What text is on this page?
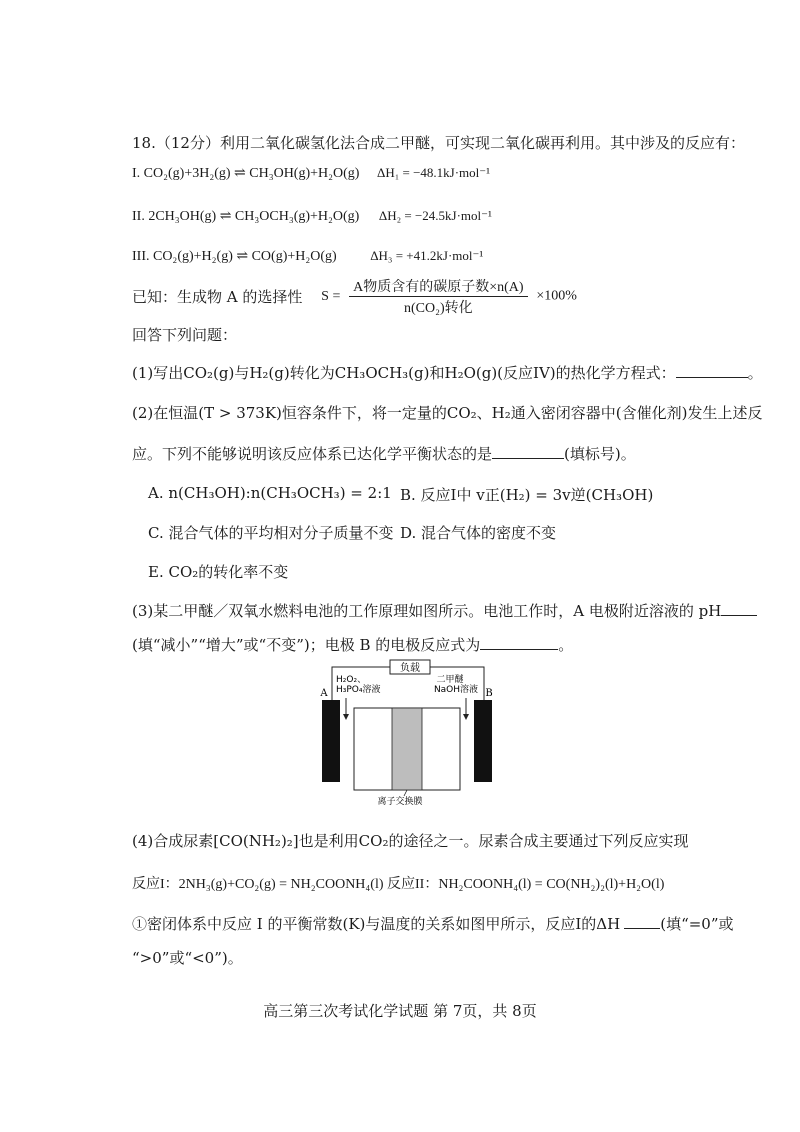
18.（12分）利用二氧化碳氢化法合成二甲醚，可实现二氧化碳再利用。其中涉及的反应有：
I. CO₂(g)+3H₂(g) ⇌ CH₃OH(g)+H₂O(g) ΔH₁ = −48.1kJ·mol⁻¹
II. 2CH₃OH(g) ⇌ CH₃OCH₃(g)+H₂O(g) ΔH₂ = −24.5kJ·mol⁻¹
III. CO₂(g)+H₂(g) ⇌ CO(g)+H₂O(g)	ΔH₃ = +41.2kJ·mol⁻¹
已知：生成物 A 的选择性 $S = \frac{\text{A物质含有的碳原子数×n(A)}}{\text{n(CO₂)转化}} \times 100\%$
回答下列问题：
(1)写出CO₂(g)与H₂(g)转化为CH₃OCH₃(g)和H₂O(g)(反应IV)的热化学方程式：	。
(2)在恒温(T > 373K)恒容条件下，将一定量的CO₂、H₂通入密闭容器中(含催化剂)发生上述反
应。下列不能够说明该反应体系已达化学平衡状态的是	(填标号)。
A. n(CH₃OH):n(CH₃OCH₃) = 2:1 B. 反应I中 v正(H₂) = 3v逆(CH₃OH)
C. 混合气体的平均相对分子质量不变 D. 混合气体的密度不变
E. CO₂的转化率不变
(3)某二甲醚／双氧水燃料电池的工作原理如图所示。电池工作时，A 电极附近溶液的 pH
(填“减小”“增大”或“不变”)；电极 B 的电极反应式为	。
负载
H₂O₂、
H₃PO₄溶液
二甲醚
NaOH溶液
A	B
离子交换膜
(4)合成尿素[CO(NH₂)₂]也是利用CO₂的途径之一。尿素合成主要通过下列反应实现
反应I：2NH₃(g)+CO₂(g) = NH₂COONH₄(l) 反应II：NH₂COONH₄(l) = CO(NH₂)₂(l)+H₂O(l)
①密闭体系中反应 I 的平衡常数(K)与温度的关系如图甲所示，反应I的ΔH	(填“=0”或
“>0”或“<0”)。
高三第三次考试化学试题 第 7页，共 8页
